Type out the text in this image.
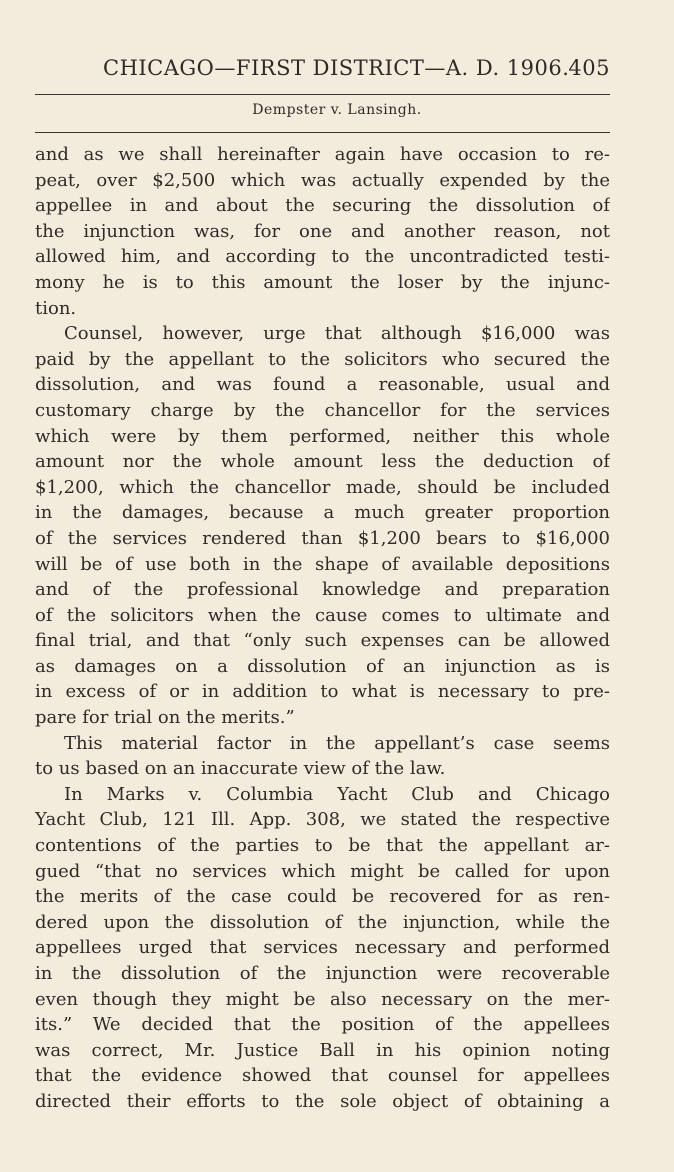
CHICAGO—FIRST DISTRICT—A. D. 1906.
405
Dempster v. Lansingh.
and as we shall hereinafter again have occasion to re-
peat, over $2,500 which was actually expended by the
appellee in and about the securing the dissolution of
the injunction was, for one and another reason, not
allowed him, and according to the uncontradicted testi-
mony he is to this amount the loser by the injunc-
tion.
Counsel, however, urge that although $16,000 was
paid by the appellant to the solicitors who secured the
dissolution, and was found a reasonable, usual and
customary charge by the chancellor for the services
which were by them performed, neither this whole
amount nor the whole amount less the deduction of
$1,200, which the chancellor made, should be included
in the damages, because a much greater proportion
of the services rendered than $1,200 bears to $16,000
will be of use both in the shape of available depositions
and of the professional knowledge and preparation
of the solicitors when the cause comes to ultimate and
final trial, and that “only such expenses can be allowed
as damages on a dissolution of an injunction as is
in excess of or in addition to what is necessary to pre-
pare for trial on the merits.”
This material factor in the appellant’s case seems
to us based on an inaccurate view of the law.
In Marks v. Columbia Yacht Club and Chicago
Yacht Club, 121 Ill. App. 308, we stated the respective
contentions of the parties to be that the appellant ar-
gued “that no services which might be called for upon
the merits of the case could be recovered for as ren-
dered upon the dissolution of the injunction, while the
appellees urged that services necessary and performed
in the dissolution of the injunction were recoverable
even though they might be also necessary on the mer-
its.” We decided that the position of the appellees
was correct, Mr. Justice Ball in his opinion noting
that the evidence showed that counsel for appellees
directed their efforts to the sole object of obtaining a
